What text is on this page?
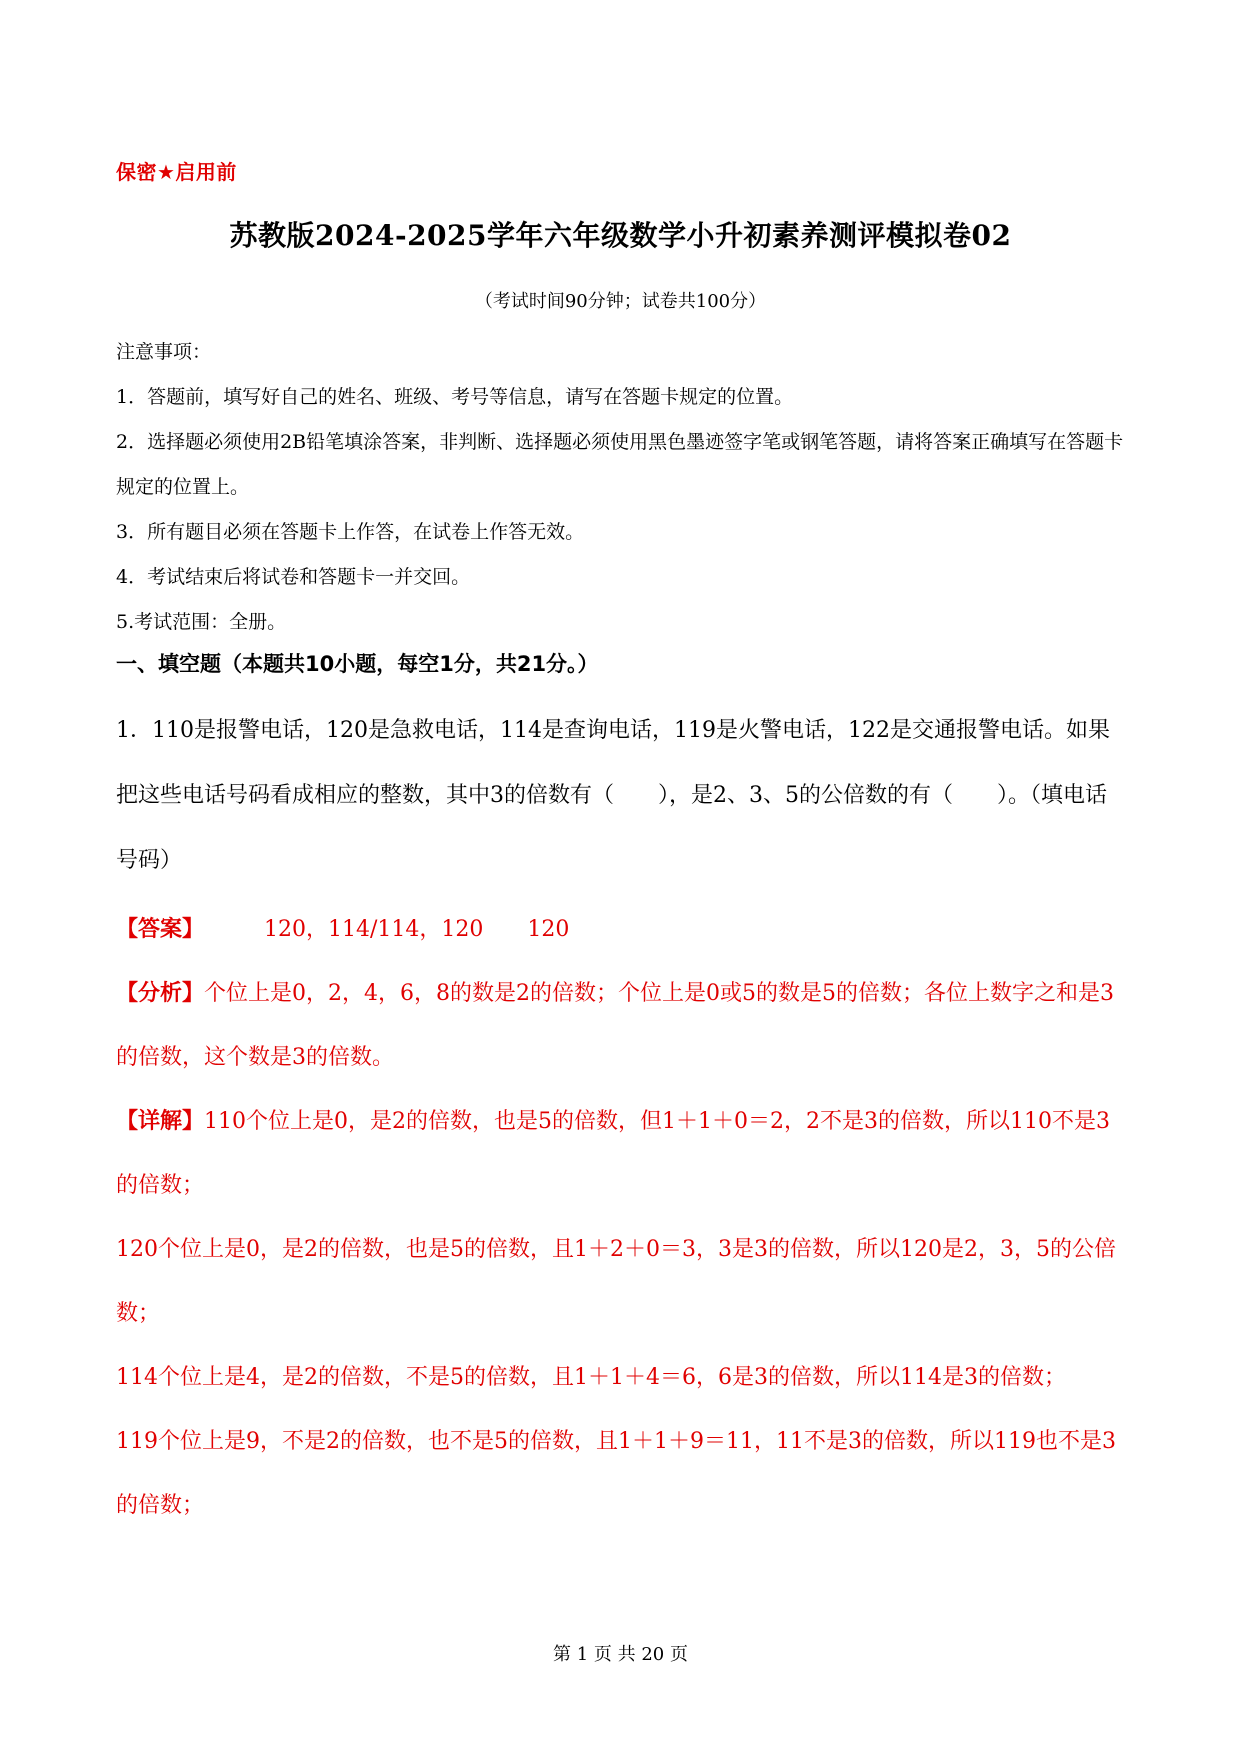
保密★启用前
苏教版2024-2025学年六年级数学小升初素养测评模拟卷02
（考试时间90分钟；试卷共100分）

注意事项：

1．答题前，填写好自己的姓名、班级、考号等信息，请写在答题卡规定的位置。

2．选择题必须使用2B铅笔填涂答案，非判断、选择题必须使用黑色墨迹签字笔或钢笔答题，请将答案正确填写在答题卡规定的位置上。

3．所有题目必须在答题卡上作答，在试卷上作答无效。

4．考试结束后将试卷和答题卡一并交回。

5.考试范围：全册。

一、填空题（本题共10小题，每空1分，共21分。）

1．110是报警电话，120是急救电话，114是查询电话，119是火警电话，122是交通报警电话。如果把这些电话号码看成相应的整数，其中3的倍数有（　　），是2、3、5的公倍数的有（　　）。（填电话号码）

【答案】	120，114/114，120　　120

【分析】个位上是0，2，4，6，8的数是2的倍数；个位上是0或5的数是5的倍数；各位上数字之和是3的倍数，这个数是3的倍数。

【详解】110个位上是0，是2的倍数，也是5的倍数，但1＋1＋0＝2，2不是3的倍数，所以110不是3的倍数；

120个位上是0，是2的倍数，也是5的倍数，且1＋2＋0＝3，3是3的倍数，所以120是2，3，5的公倍数；

114个位上是4，是2的倍数，不是5的倍数，且1＋1＋4＝6，6是3的倍数，所以114是3的倍数；

119个位上是9，不是2的倍数，也不是5的倍数，且1＋1＋9＝11，11不是3的倍数，所以119也不是3的倍数；

第 1 页 共 20 页
